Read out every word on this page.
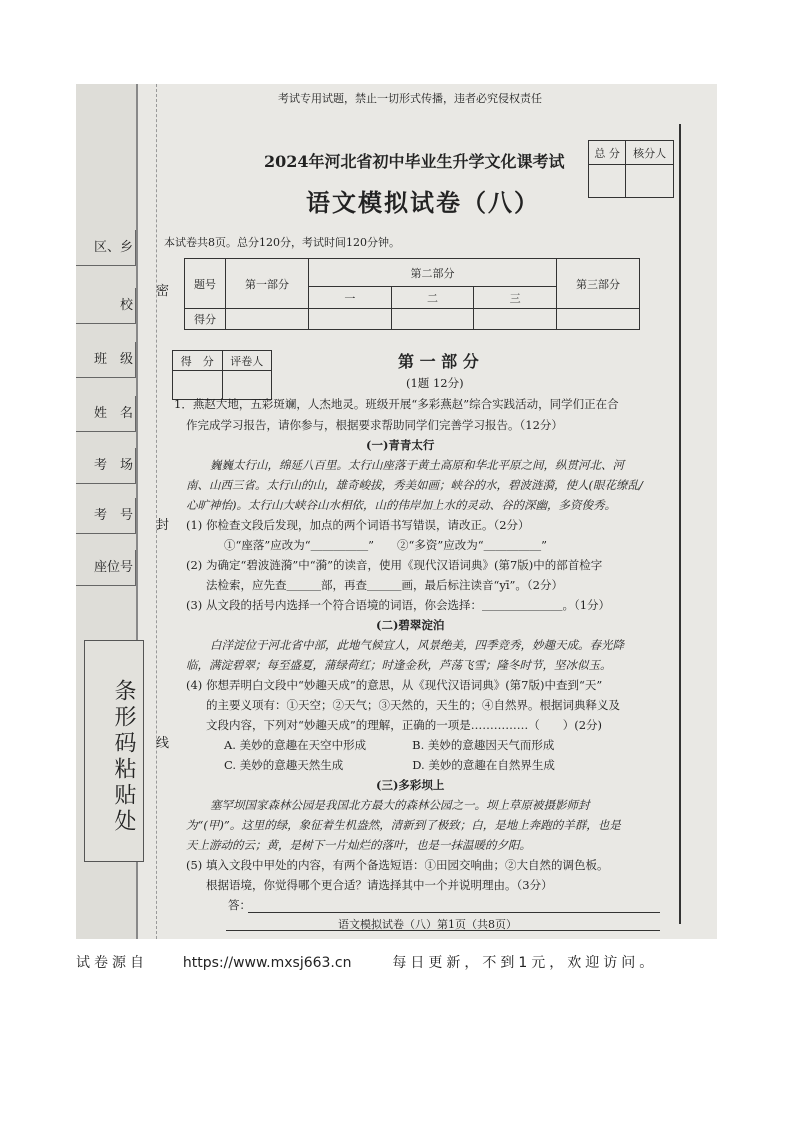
区、乡
校
班　级
姓　名
考　场
考　号
座位号
密
封
线
条形码粘贴处
考试专用试题，禁止一切形式传播，违者必究侵权责任
2024年河北省初中毕业生升学文化课考试
语文模拟试卷（八）
总 分	核分人

本试卷共8页。总分120分，考试时间120分钟。
题号	第一部分	第二部分			第三部分
		一	二	三	
得分					
得　分	评卷人
		第 一 部 分
(1题 12分)
1．燕赵大地，五彩斑斓，人杰地灵。班级开展“多彩燕赵”综合实践活动，同学们正在合
作完成学习报告，请你参与，根据要求帮助同学们完善学习报告。（12分）
(一)青青太行
巍巍太行山，绵延八百里。太行山座落于黄土高原和华北平原之间，纵贯河北、河
南、山西三省。太行山的山，雄奇峻拔，秀美如画；峡谷的水，碧波涟漪，使人(眼花缭乱/
心旷神怡)。太行山大峡谷山水相依，山的伟岸加上水的灵动、谷的深幽，多资俊秀。
(1) 你检查文段后发现，加点的两个词语书写错误，请改正。（2分）
①“座落”应改为“＿＿＿＿＿”　　②“多资”应改为“＿＿＿＿＿”
(2) 为确定“碧波涟漪”中“漪”的读音，使用《现代汉语词典》(第7版)中的部首检字
法检索，应先查＿＿＿部，再查＿＿＿画，最后标注读音“yī”。（2分）
(3) 从文段的括号内选择一个符合语境的词语，你会选择：＿＿＿＿＿＿＿。（1分）
(二)碧翠淀泊
白洋淀位于河北省中部，此地气候宜人，风景绝美，四季竞秀，妙趣天成。春光降
临，满淀碧翠；每至盛夏，蒲绿荷红；时逢金秋，芦荡飞雪；隆冬时节，坚冰似玉。
(4) 你想弄明白文段中“妙趣天成”的意思，从《现代汉语词典》(第7版)中查到“天”
的主要义项有：①天空；②天气；③天然的，天生的；④自然界。根据词典释义及
文段内容，下列对“妙趣天成”的理解，正确的一项是……………（　　）(2分)
A. 美妙的意趣在天空中形成　　　　B. 美妙的意趣因天气而形成
C. 美妙的意趣天然生成　　　　　　D. 美妙的意趣在自然界生成
(三)多彩坝上
塞罕坝国家森林公园是我国北方最大的森林公园之一。坝上草原被摄影师封
为“(甲)”。这里的绿，象征着生机盎然，清新到了极致；白，是地上奔跑的羊群，也是
天上游动的云；黄，是树下一片灿烂的落叶，也是一抹温暖的夕阳。
(5) 填入文段中甲处的内容，有两个备选短语：①田园交响曲；②大自然的调色板。
根据语境，你觉得哪个更合适？请选择其中一个并说明理由。（3分）
答：
语文模拟试卷（八）第1页（共8页）
试卷源自 https://www.mxsj663.cn	每日更新，不到1元，欢迎访问。
